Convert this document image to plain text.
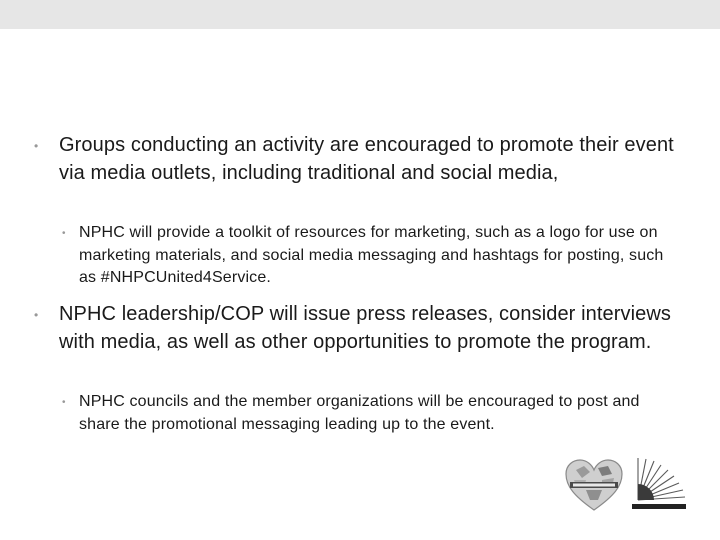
• Groups conducting an activity are encouraged to promote their event via media outlets, including traditional and social media,
• NPHC will provide a toolkit of resources for marketing, such as a logo for use on marketing materials, and social media messaging and hashtags for posting, such as #NHPCUnited4Service.
• NPHC leadership/COP will issue press releases, consider interviews with media, as well as other opportunities to promote the program.
• NPHC councils and the member organizations will be encouraged to post and share the promotional messaging leading up to the event.
